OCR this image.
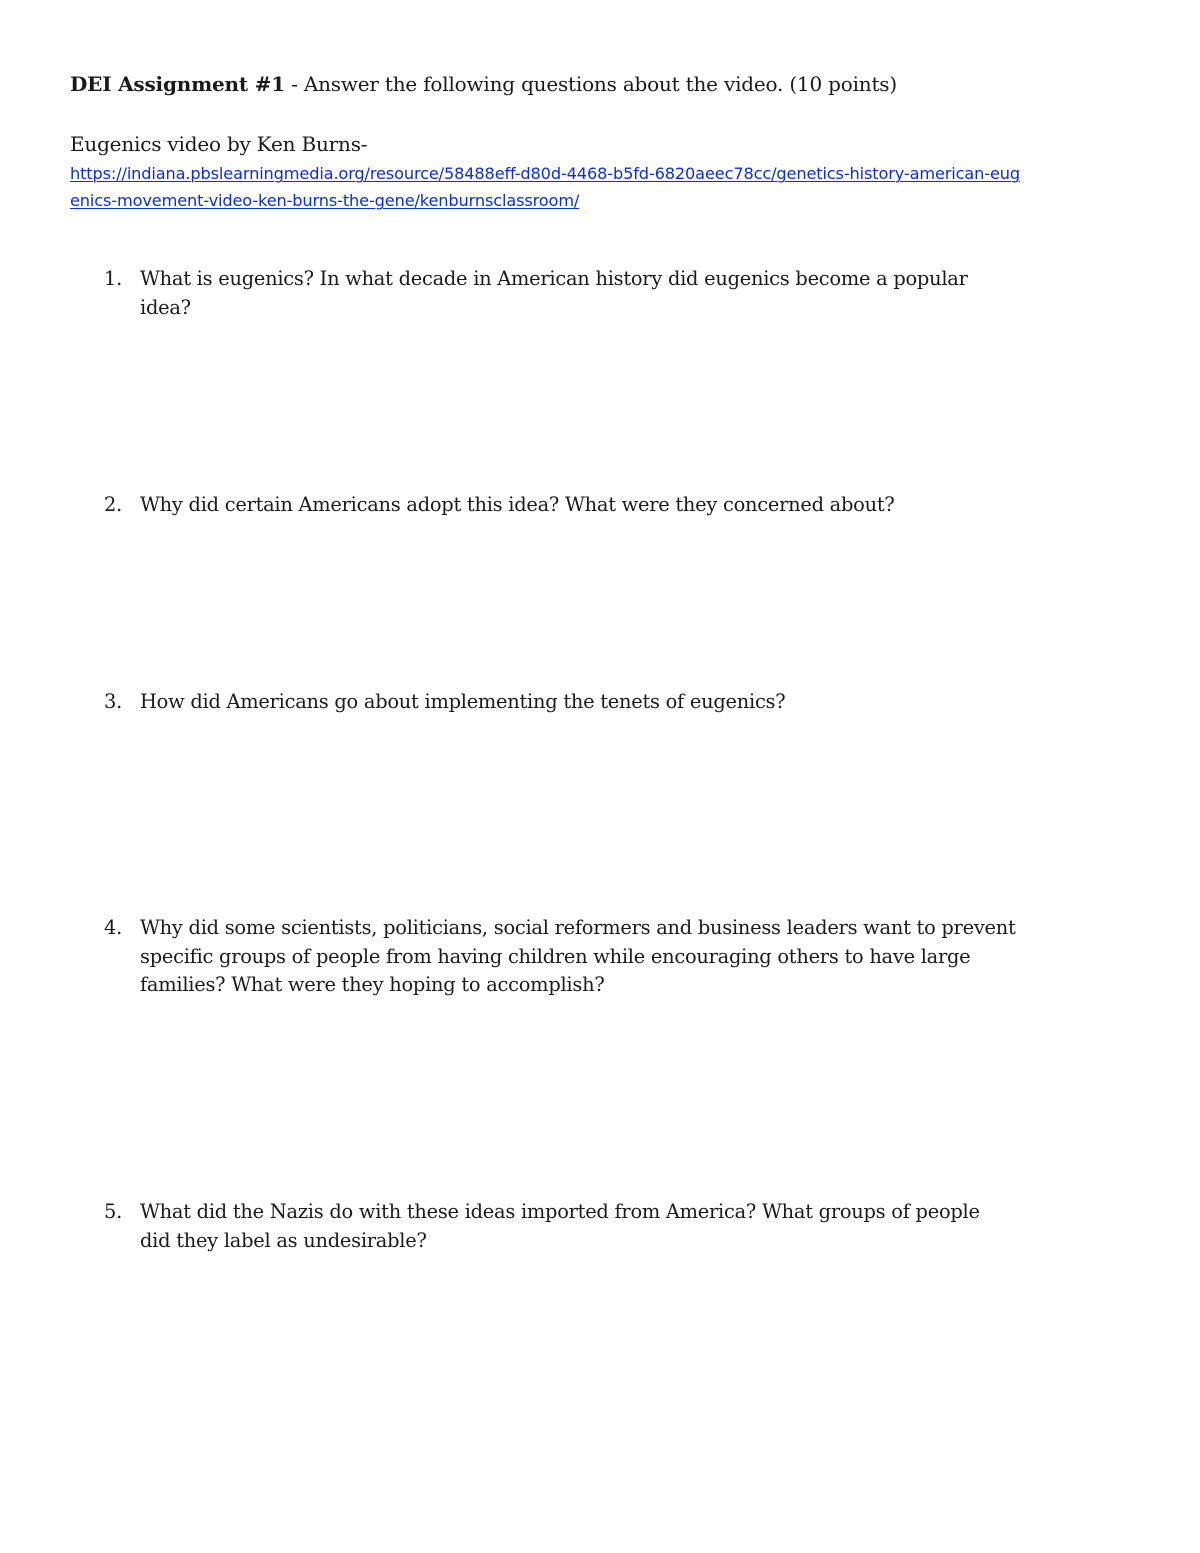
DEI Assignment #1 - Answer the following questions about the video. (10 points)
Eugenics video by Ken Burns-
https://indiana.pbslearningmedia.org/resource/58488eff-d80d-4468-b5fd-6820aeec78cc/genetics-history-american-eug
enics-movement-video-ken-burns-the-gene/kenburnsclassroom/
1. What is eugenics? In what decade in American history did eugenics become a popular
idea?
2. Why did certain Americans adopt this idea? What were they concerned about?
3. How did Americans go about implementing the tenets of eugenics?
4. Why did some scientists, politicians, social reformers and business leaders want to prevent
specific groups of people from having children while encouraging others to have large
families? What were they hoping to accomplish?
5. What did the Nazis do with these ideas imported from America? What groups of people
did they label as undesirable?
